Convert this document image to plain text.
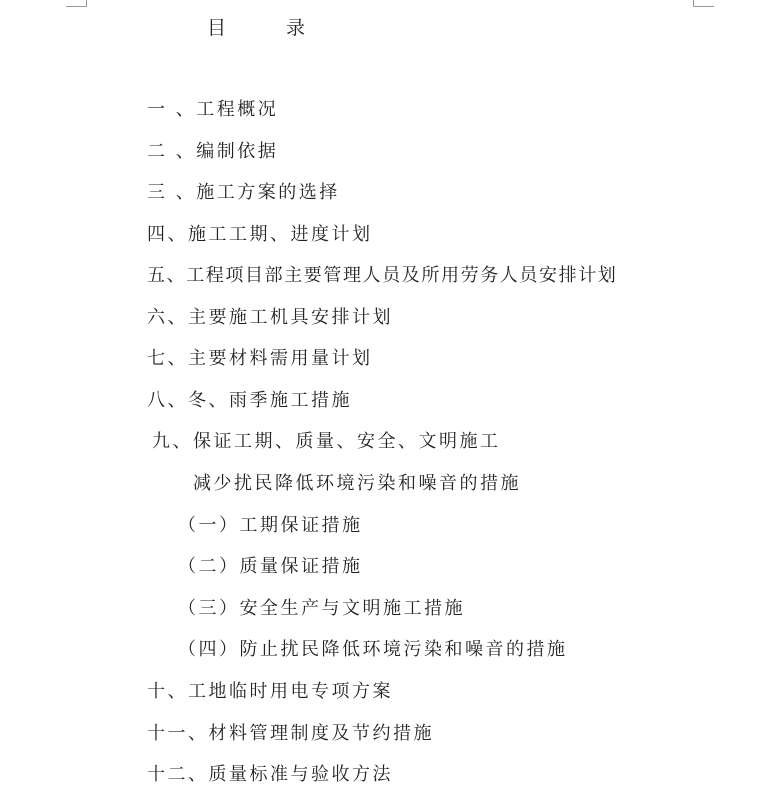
目	录
一 、工程概况
二 、编制依据
三 、施工方案的选择
四、施工工期、进度计划
五、工程项目部主要管理人员及所用劳务人员安排计划
六、主要施工机具安排计划
七、主要材料需用量计划
八、冬、雨季施工措施
九、保证工期、质量、安全、文明施工
减少扰民降低环境污染和噪音的措施
（一）工期保证措施
（二）质量保证措施
（三）安全生产与文明施工措施
（四）防止扰民降低环境污染和噪音的措施
十、工地临时用电专项方案
十一、材料管理制度及节约措施
十二、质量标准与验收方法
